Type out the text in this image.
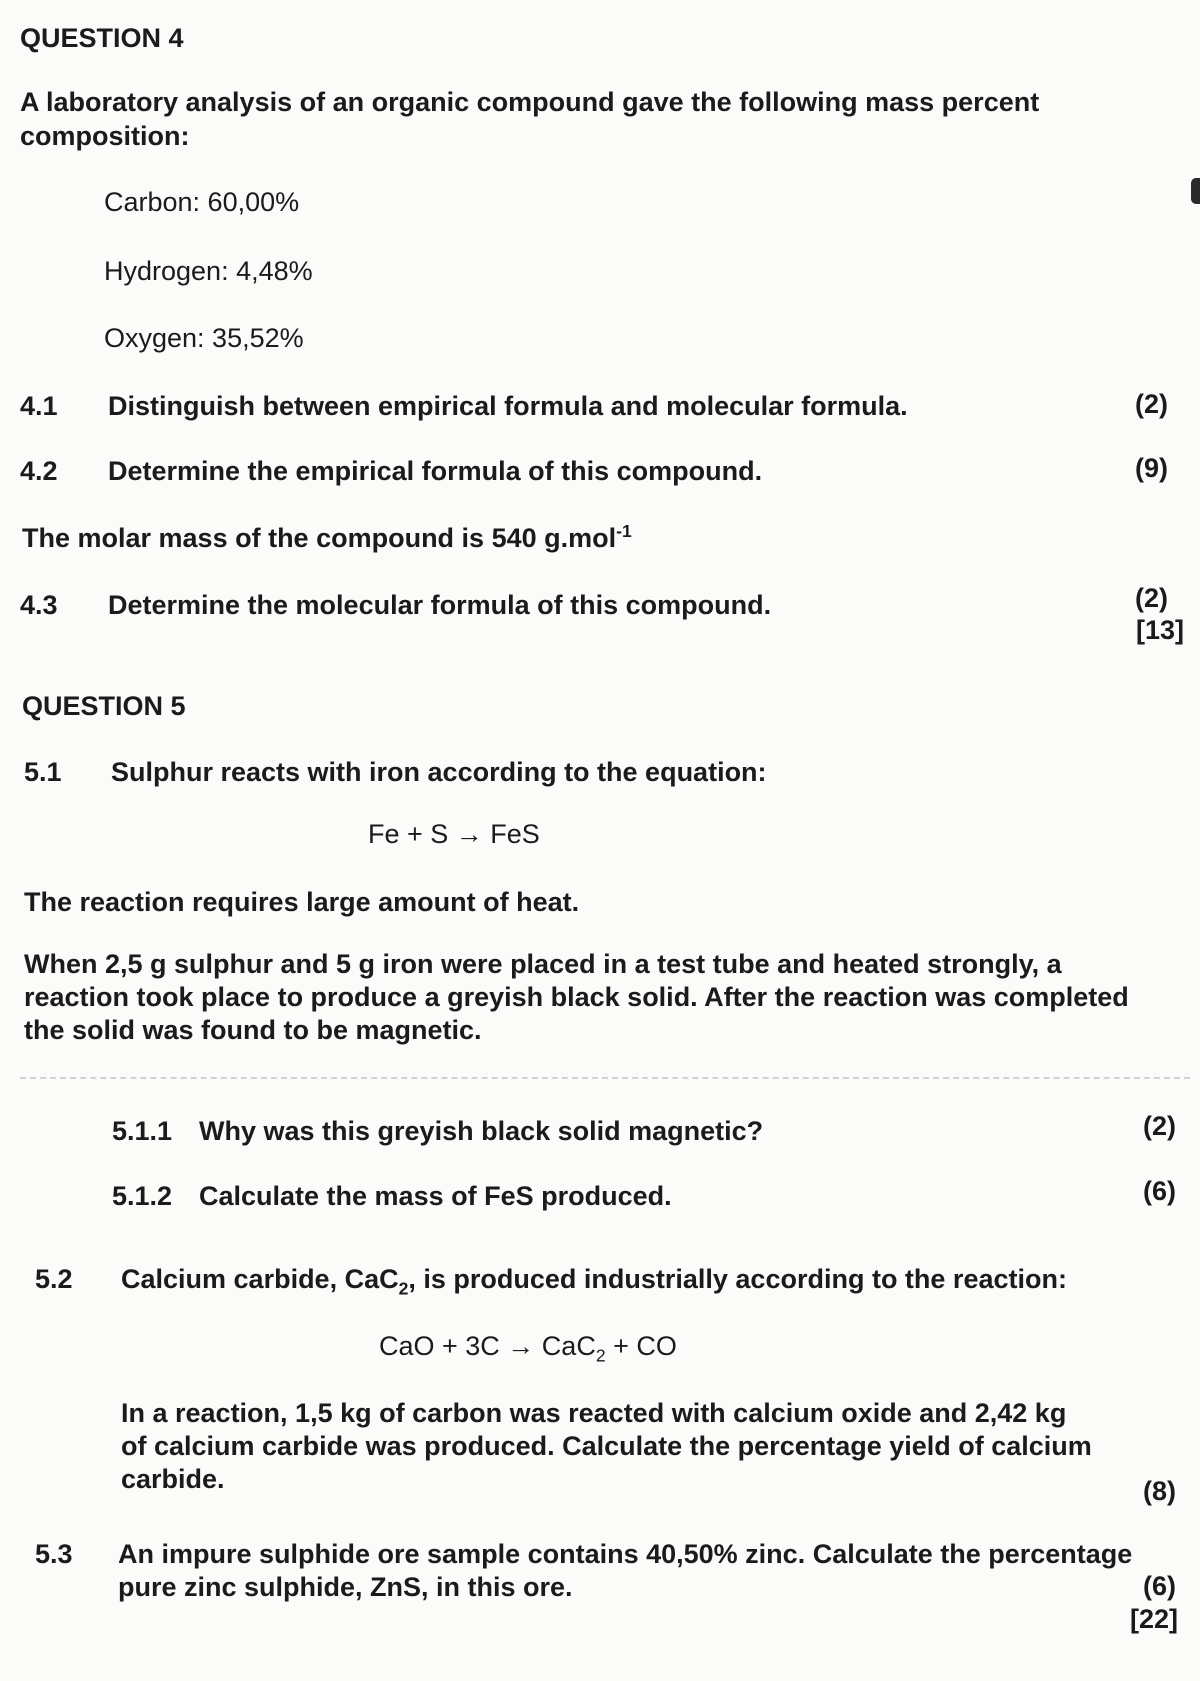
QUESTION 4
A laboratory analysis of an organic compound gave the following mass percent
composition:
Carbon: 60,00%
Hydrogen: 4,48%
Oxygen: 35,52%
4.1 Distinguish between empirical formula and molecular formula.	(2)
4.2 Determine the empirical formula of this compound.	(9)
The molar mass of the compound is 540 g.mol$^{-1}$
4.3 Determine the molecular formula of this compound.	(2)
[13]
QUESTION 5
5.1 Sulphur reacts with iron according to the equation:
Fe + S → FeS
The reaction requires large amount of heat.
When 2,5 g sulphur and 5 g iron were placed in a test tube and heated strongly, a
reaction took place to produce a greyish black solid. After the reaction was completed
the solid was found to be magnetic.
5.1.1 Why was this greyish black solid magnetic?	(2)
5.1.2 Calculate the mass of FeS produced.	(6)
5.2 Calcium carbide, CaC$_2$, is produced industrially according to the reaction:
CaO + 3C → CaC$_2$ + CO
In a reaction, 1,5 kg of carbon was reacted with calcium oxide and 2,42 kg
of calcium carbide was produced. Calculate the percentage yield of calcium
carbide.	(8)
5.3 An impure sulphide ore sample contains 40,50% zinc. Calculate the percentage
pure zinc sulphide, ZnS, in this ore.	(6)
[22]
